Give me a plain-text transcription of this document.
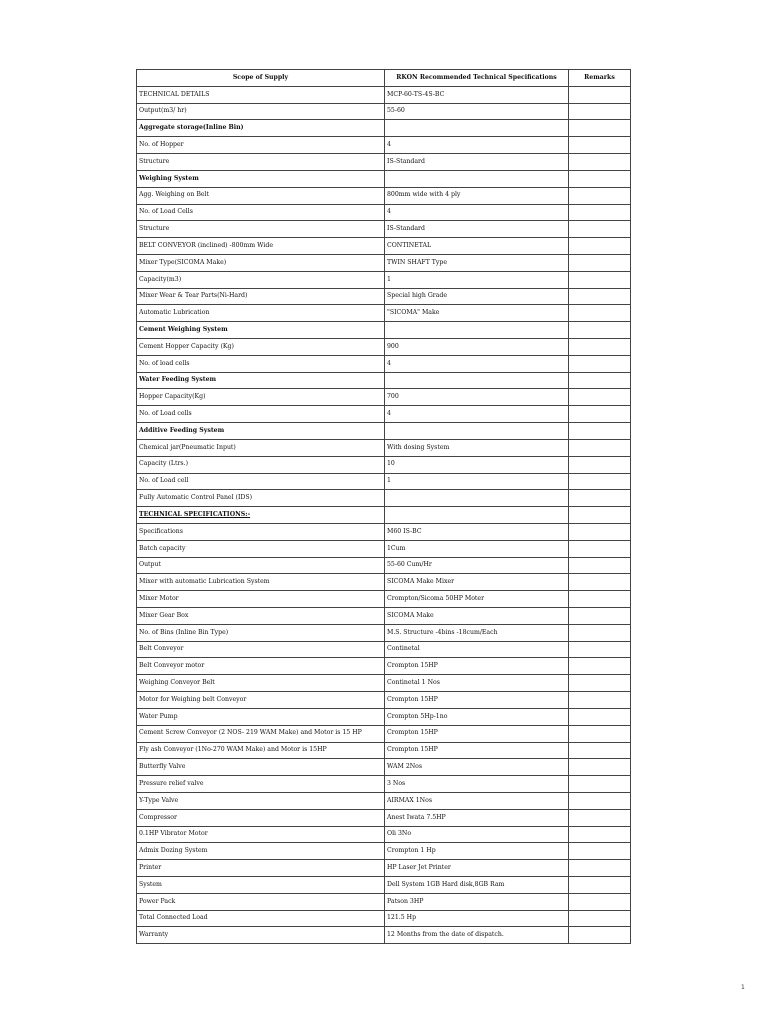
Scope of Supply	RKON Recommended Technical Specifications	Remarks
TECHNICAL DETAILS	MCP-60-TS-4S-BC	
Output(m3/ hr)	55-60	
Aggregate storage(Inline Bin)		
No. of Hopper	4	
Structure	IS-Standard	
Weighing System		
Agg. Weighing on Belt	800mm wide with 4 ply	
No. of Load Cells	4	
Structure	IS-Standard	
BELT CONVEYOR (inclined) -800mm Wide	CONTINETAL	
Mixer Type(SICOMA Make)	TWIN SHAFT Type	
Capacity(m3)	1	
Mixer Wear & Tear Parts(Ni-Hard)	Special high Grade	
Automatic Lubrication	"SICOMA" Make	
Cement Weighing System		
Cement Hopper Capacity (Kg)	900	
No. of load cells	4	
Water Feeding System		
Hopper Capacity(Kg)	700	
No. of Load cells	4	
Additive Feeding System		
Chemical jar(Pneumatic Input)	With dosing System	
Capacity (Ltrs.)	10	
No. of Load cell	1	
Fully Automatic Control Panel (IDS)		
TECHNICAL SPECIFICATIONS:-		
Specifications	M60 IS-BC	
Batch capacity	1Cum	
Output	55-60 Cum/Hr	
Mixer with automatic Lubrication System	SICOMA Make Mixer	
Mixer Motor	Crompton/Sicoma 50HP Moter	
Mixer Gear Box	SICOMA Make	
No. of Bins (Inline Bin Type)	M.S. Structure -4bins -18cum/Each	
Belt Conveyor	Continetal	
Belt Conveyor motor	Crompton 15HP	
Weighing Conveyor Belt	Continetal 1 Nos	
Motor for Weighing belt Conveyor	Crompton 15HP	
Water Pump	Crompton 5Hp-1no	
Cement Screw Conveyor (2 NOS- 219 WAM Make) and Motor is 15 HP	Crompton 15HP	
Fly ash Conveyor (1No-270 WAM Make) and Motor is 15HP	Crompton 15HP	
Butterfly Valve	WAM 2Nos	
Pressure relief valve	3 Nos	
Y-Type Valve	AIRMAX 1Nos	
Compressor	Anest Iwata 7.5HP	
0.1HP Vibrator Motor	Oli 3No	
Admix Dozing System	Crompton 1 Hp	
Printer	HP Laser Jet Printer	
System	Dell System 1GB Hard disk,8GB Ram	
Power Pack	Patson 3HP	
Total Connected Load	121.5 Hp	
Warranty	12 Months from the date of dispatch.	
1
